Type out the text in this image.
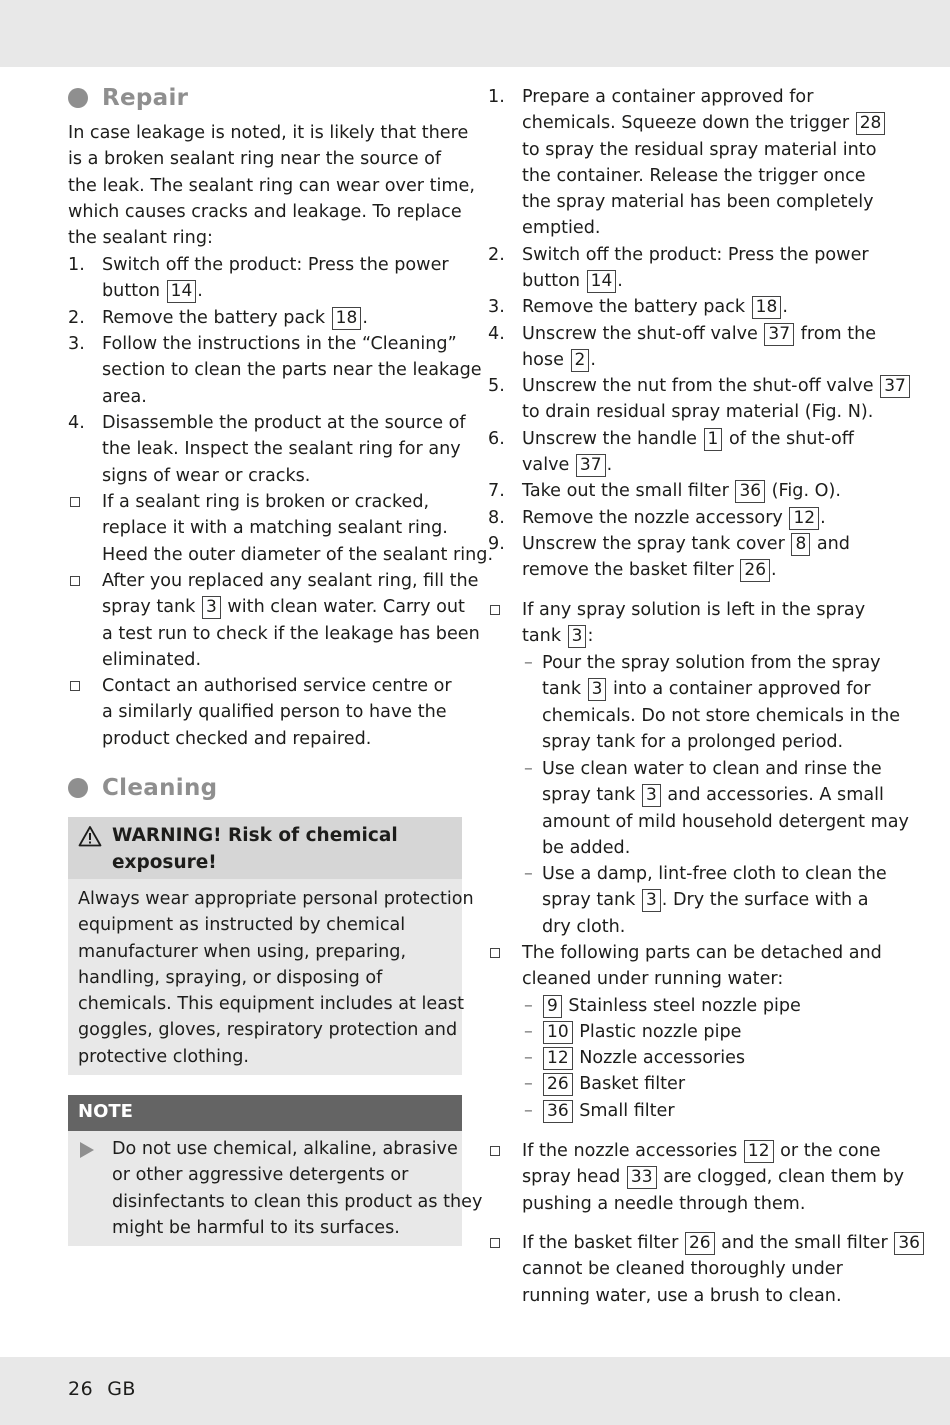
Repair
In case leakage is noted, it is likely that there
is a broken sealant ring near the source of
the leak. The sealant ring can wear over time,
which causes cracks and leakage. To replace
the sealant ring:
1. Switch off the product: Press the power
button 14 .
2. Remove the battery pack 18 .
3. Follow the instructions in the “Cleaning”
section to clean the parts near the leakage
area.
4. Disassemble the product at the source of
the leak. Inspect the sealant ring for any
signs of wear or cracks.
If a sealant ring is broken or cracked,
replace it with a matching sealant ring.
Heed the outer diameter of the sealant ring.
After you replaced any sealant ring, fill the
spray tank 3 with clean water. Carry out
a test run to check if the leakage has been
eliminated.
Contact an authorised service centre or
a similarly qualified person to have the
product checked and repaired.
Cleaning
WARNING! Risk of chemical
exposure!
Always wear appropriate personal protection
equipment as instructed by chemical
manufacturer when using, preparing,
handling, spraying, or disposing of
chemicals. This equipment includes at least
goggles, gloves, respiratory protection and
protective clothing.
NOTE
Do not use chemical, alkaline, abrasive
or other aggressive detergents or
disinfectants to clean this product as they
might be harmful to its surfaces.
1. Prepare a container approved for
chemicals. Squeeze down the trigger 28
to spray the residual spray material into
the container. Release the trigger once
the spray material has been completely
emptied.
2. Switch off the product: Press the power
button 14 .
3. Remove the battery pack 18 .
4. Unscrew the shut-off valve 37 from the
hose 2 .
5. Unscrew the nut from the shut-off valve 37
to drain residual spray material (Fig. N).
6. Unscrew the handle 1 of the shut-off
valve 37 .
7. Take out the small filter 36 (Fig. O).
8. Remove the nozzle accessory 12 .
9. Unscrew the spray tank cover 8 and
remove the basket filter 26 .
If any spray solution is left in the spray
tank 3 :
– Pour the spray solution from the spray
tank 3 into a container approved for
chemicals. Do not store chemicals in the
spray tank for a prolonged period.
– Use clean water to clean and rinse the
spray tank 3 and accessories. A small
amount of mild household detergent may
be added.
– Use a damp, lint-free cloth to clean the
spray tank 3 . Dry the surface with a
dry cloth.
The following parts can be detached and
cleaned under running water:
– 9 Stainless steel nozzle pipe
– 10 Plastic nozzle pipe
– 12 Nozzle accessories
– 26 Basket filter
– 36 Small filter
If the nozzle accessories 12 or the cone
spray head 33 are clogged, clean them by
pushing a needle through them.
If the basket filter 26 and the small filter 36
cannot be cleaned thoroughly under
running water, use a brush to clean.
26 GB
